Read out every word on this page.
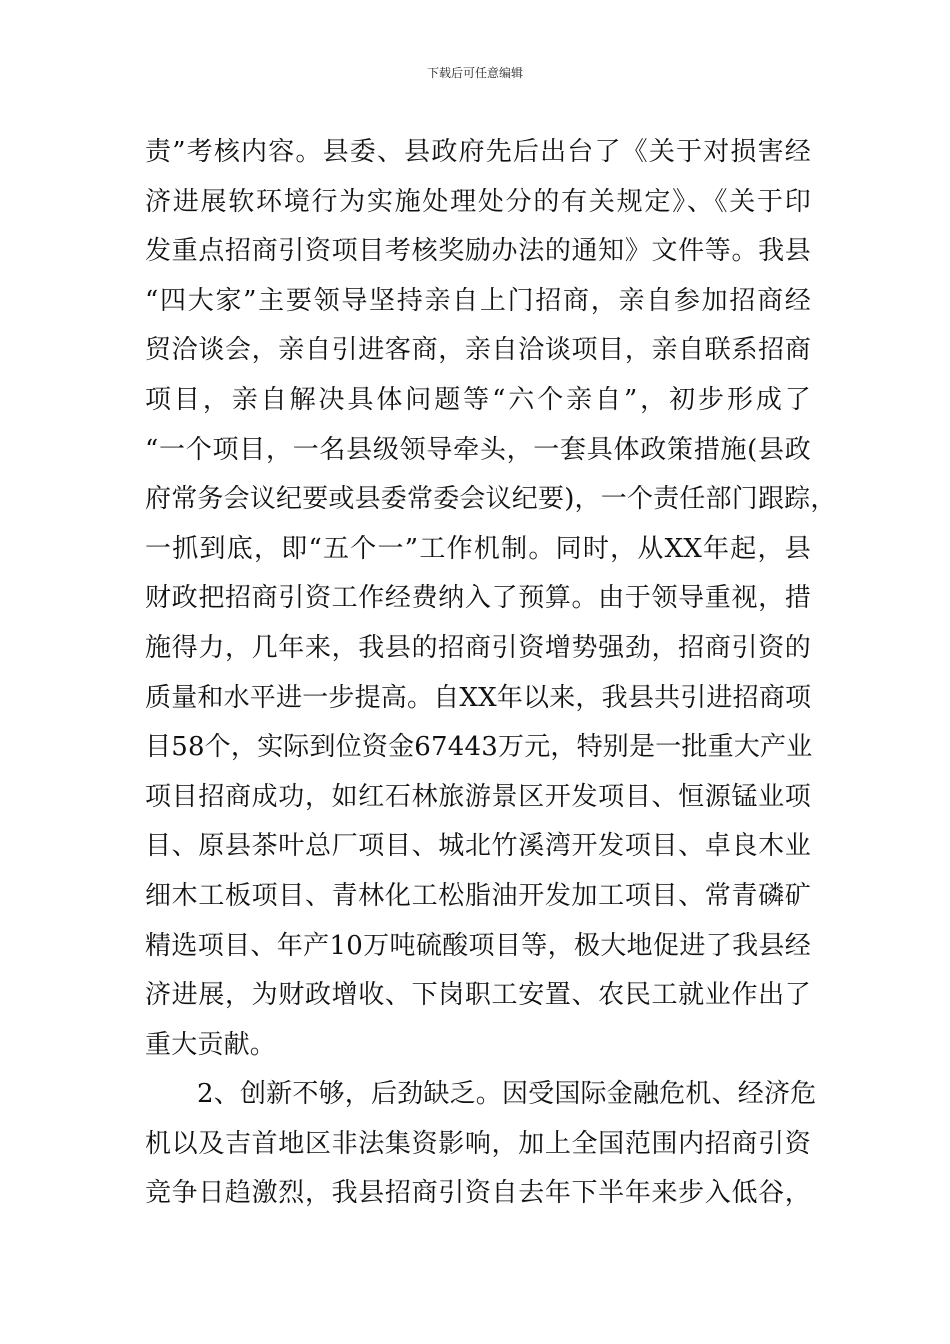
下载后可任意编辑
责”考核内容。县委、县政府先后出台了《关于对损害经
济进展软环境行为实施处理处分的有关规定》、《关于印
发重点招商引资项目考核奖励办法的通知》文件等。我县
“四大家”主要领导坚持亲自上门招商，亲自参加招商经
贸洽谈会，亲自引进客商，亲自洽谈项目，亲自联系招商
项目，亲自解决具体问题等“六个亲自”，初步形成了
“一个项目，一名县级领导牵头，一套具体政策措施(县政
府常务会议纪要或县委常委会议纪要)，一个责任部门跟踪，
一抓到底，即“五个一”工作机制。同时，从XX年起，县
财政把招商引资工作经费纳入了预算。由于领导重视，措
施得力，几年来，我县的招商引资增势强劲，招商引资的
质量和水平进一步提高。自XX年以来，我县共引进招商项
目58个，实际到位资金67443万元，特别是一批重大产业
项目招商成功，如红石林旅游景区开发项目、恒源锰业项
目、原县茶叶总厂项目、城北竹溪湾开发项目、卓良木业
细木工板项目、青林化工松脂油开发加工项目、常青磷矿
精选项目、年产10万吨硫酸项目等，极大地促进了我县经
济进展，为财政增收、下岗职工安置、农民工就业作出了
重大贡献。
2、创新不够，后劲缺乏。因受国际金融危机、经济危
机以及吉首地区非法集资影响，加上全国范围内招商引资
竞争日趋激烈，我县招商引资自去年下半年来步入低谷，
